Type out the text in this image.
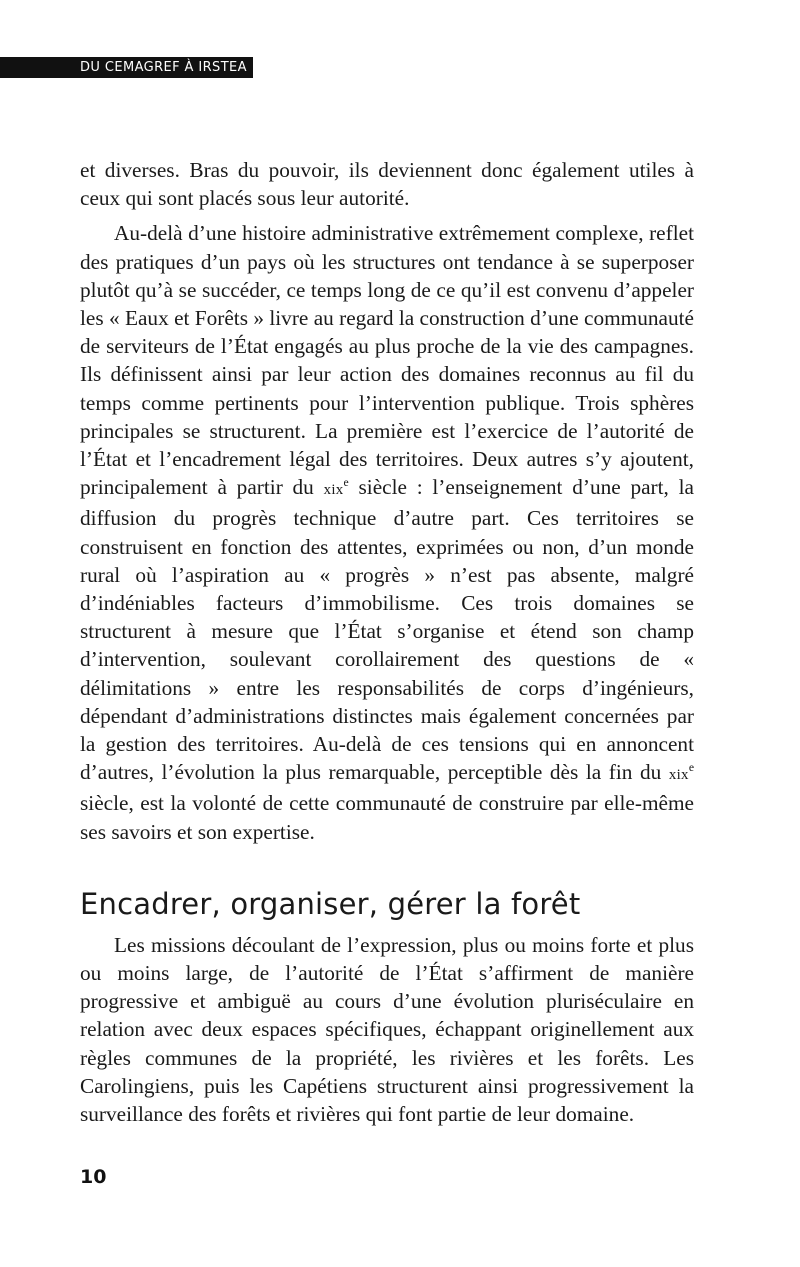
DU CEMAGREF À IRSTEA

et diverses. Bras du pouvoir, ils deviennent donc également utiles à ceux qui sont placés sous leur autorité.

Au-delà d’une histoire administrative extrêmement complexe, reflet des pratiques d’un pays où les structures ont tendance à se superposer plutôt qu’à se succéder, ce temps long de ce qu’il est convenu d’appeler les « Eaux et Forêts » livre au regard la construction d’une communauté de serviteurs de l’État engagés au plus proche de la vie des campagnes. Ils définissent ainsi par leur action des domaines reconnus au fil du temps comme pertinents pour l’intervention publique. Trois sphères principales se structurent. La première est l’exercice de l’autorité de l’État et l’encadrement légal des territoires. Deux autres s’y ajoutent, principalement à partir du xix$^e$ siècle : l’enseignement d’une part, la diffusion du progrès technique d’autre part. Ces territoires se construisent en fonction des attentes, exprimées ou non, d’un monde rural où l’aspiration au « progrès » n’est pas absente, malgré d’indéniables facteurs d’immobilisme. Ces trois domaines se structurent à mesure que l’État s’organise et étend son champ d’intervention, soulevant corollairement des questions de « délimitations » entre les responsabilités de corps d’ingénieurs, dépendant d’administrations distinctes mais également concernées par la gestion des territoires. Au-delà de ces tensions qui en annoncent d’autres, l’évolution la plus remarquable, perceptible dès la fin du xix$^e$ siècle, est la volonté de cette communauté de construire par elle-même ses savoirs et son expertise.

Encadrer, organiser, gérer la forêt

Les missions découlant de l’expression, plus ou moins forte et plus ou moins large, de l’autorité de l’État s’affirment de manière progressive et ambiguë au cours d’une évolution pluriséculaire en relation avec deux espaces spécifiques, échappant originellement aux règles communes de la propriété, les rivières et les forêts. Les Carolingiens, puis les Capétiens structurent ainsi progressivement la surveillance des forêts et rivières qui font partie de leur domaine.

10
